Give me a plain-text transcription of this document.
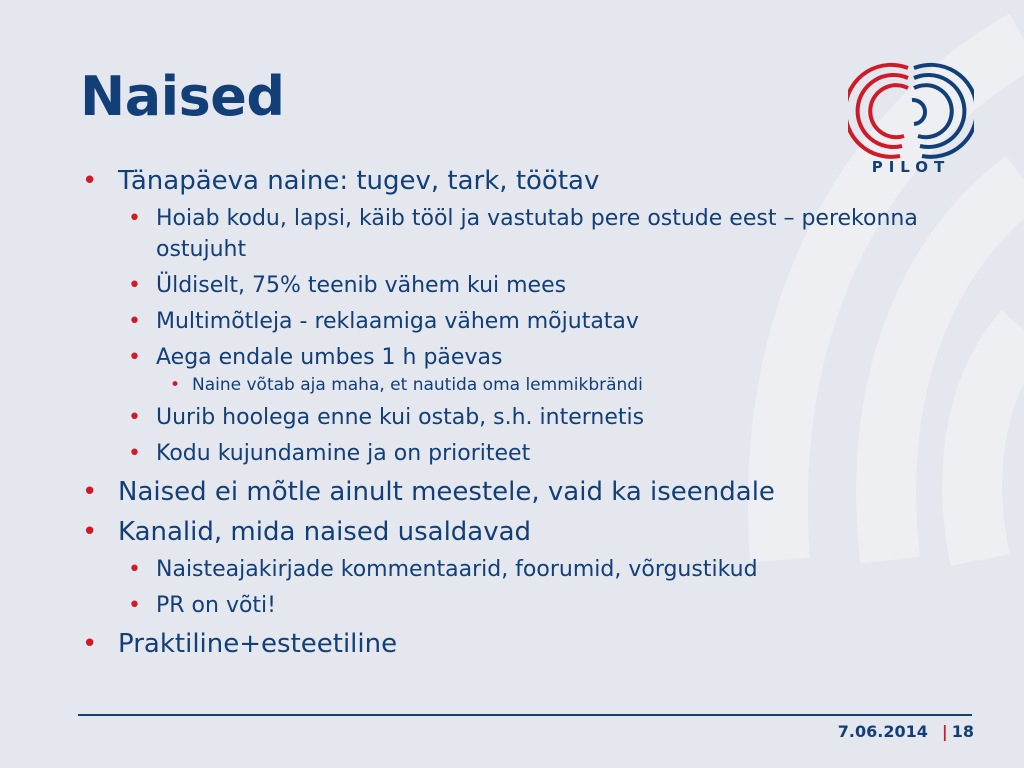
Naised
PILOT
• Tänapäeva naine: tugev, tark, töötav
• Hoiab kodu, lapsi, käib tööl ja vastutab pere ostude eest – perekonna ostujuht
• Üldiselt, 75% teenib vähem kui mees
• Multimõtleja - reklaamiga vähem mõjutatav
• Aega endale umbes 1 h päevas
• Naine võtab aja maha, et nautida oma lemmikbrändi
• Uurib hoolega enne kui ostab, s.h. internetis
• Kodu kujundamine ja on prioriteet
• Naised ei mõtle ainult meestele, vaid ka iseendale
• Kanalid, mida naised usaldavad
• Naisteajakirjade kommentaarid, foorumid, võrgustikud
• PR on võti!
• Praktiline+esteetiline
7.06.2014 | 18
